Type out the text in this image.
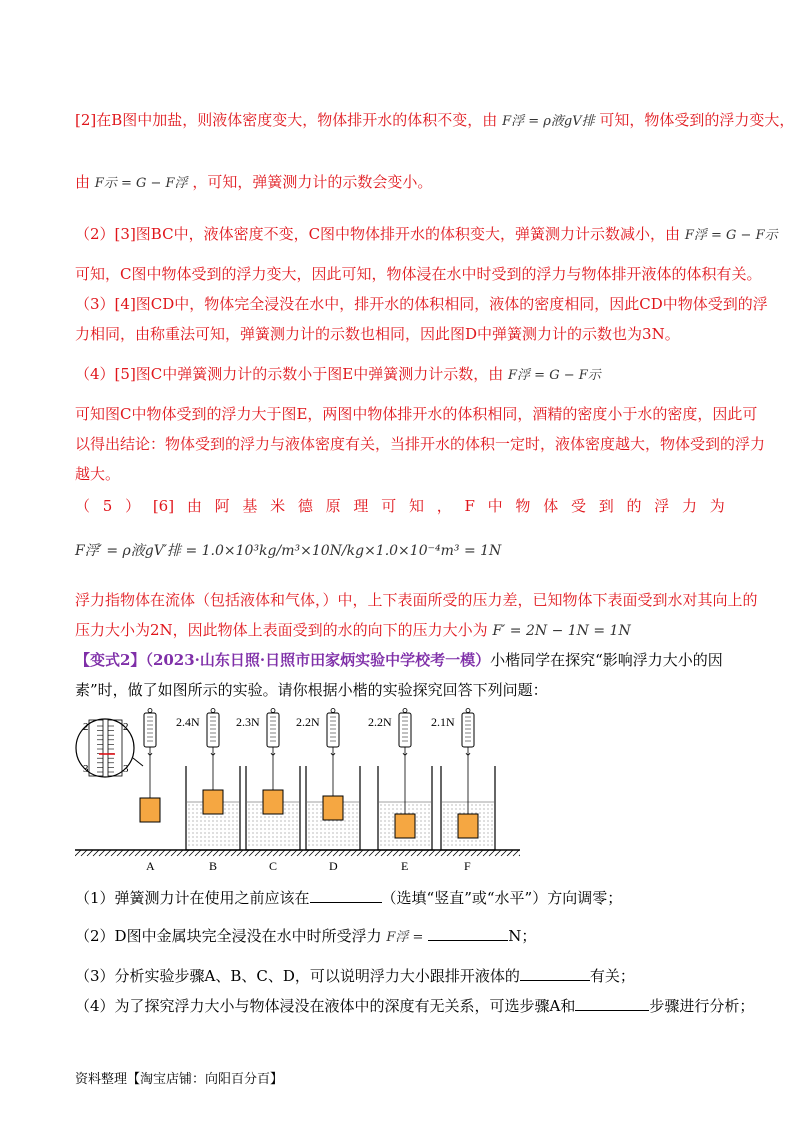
[2]在B图中加盐，则液体密度变大，物体排开水的体积不变，由 F浮 = ρ液gV排 可知，物体受到的浮力变大，
由 F示 = G − F浮 ，可知，弹簧测力计的示数会变小。
（2）[3]图BC中，液体密度不变，C图中物体排开水的体积变大，弹簧测力计示数减小，由 F浮 = G − F示
可知，C图中物体受到的浮力变大，因此可知，物体浸在水中时受到的浮力与物体排开液体的体积有关。
（3）[4]图CD中，物体完全浸没在水中，排开水的体积相同，液体的密度相同，因此CD中物体受到的浮
力相同，由称重法可知，弹簧测力计的示数也相同，因此图D中弹簧测力计的示数也为3N。
（4）[5]图C中弹簧测力计的示数小于图E中弹簧测力计示数，由 F浮 = G − F示
可知图C中物体受到的浮力大于图E，两图中物体排开水的体积相同，酒精的密度小于水的密度，因此可
以得出结论：物体受到的浮力与液体密度有关，当排开水的体积一定时，液体密度越大，物体受到的浮力
越大。
（ 5 ） [6] 由 阿 基 米 德 原 理 可 知 ， F 中 物 体 受 到 的 浮 力 为
F浮′ = ρ液gV′排 = 1.0×10³kg/m³×10N/kg×1.0×10⁻⁴m³ = 1N
浮力指物体在流体（包括液体和气体，）中，上下表面所受的压力差，已知物体下表面受到水对其向上的
压力大小为2N，因此物体上表面受到的水的向下的压力大小为 F′ = 2N − 1N = 1N
【变式2】（2023·山东日照·日照市田家炳实验中学校考一模）小楷同学在探究“影响浮力大小的因
素”时，做了如图所示的实验。请你根据小楷的实验探究回答下列问题：
2	2
3	3
A
2.4N
B
2.3N
C
2.2N
D
2.2N
E
2.1N
F
（1）弹簧测力计在使用之前应该在	（选填“竖直”或“水平”）方向调零；
（2）D图中金属块完全浸没在水中时所受浮力 F浮 =	N；
（3）分析实验步骤A、B、C、D，可以说明浮力大小跟排开液体的	有关；
（4）为了探究浮力大小与物体浸没在液体中的深度有无关系，可选步骤A和	步骤进行分析；
资料整理【淘宝店铺：向阳百分百】
